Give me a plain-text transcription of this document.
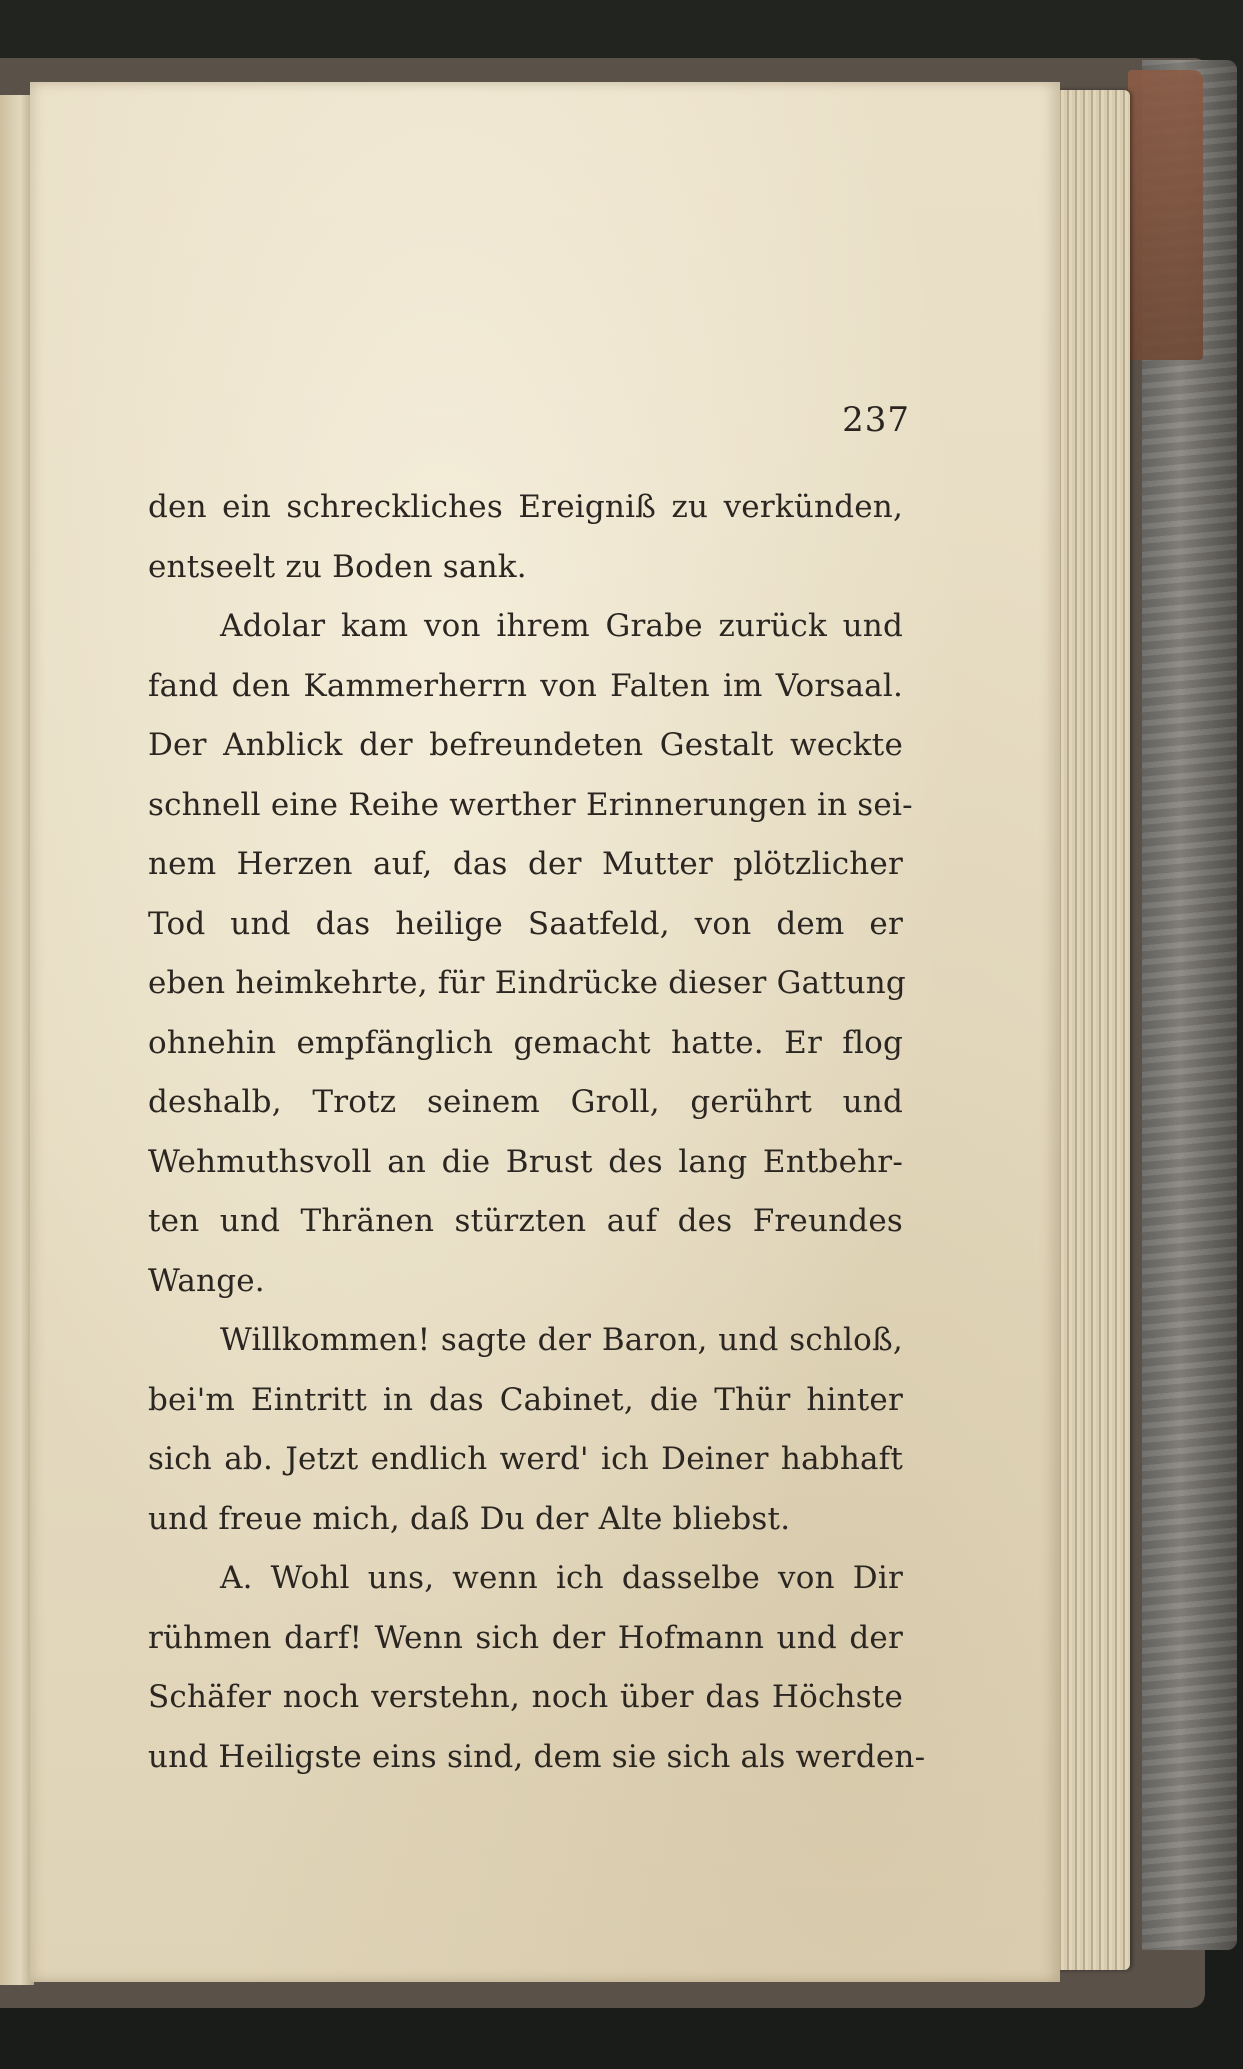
237
den ein schreckliches Ereigniß zu verkünden,
entseelt zu Boden sank.
Adolar kam von ihrem Grabe zurück und
fand den Kammerherrn von Falten im Vorsaal.
Der Anblick der befreundeten Gestalt weckte
schnell eine Reihe werther Erinnerungen in sei-
nem Herzen auf, das der Mutter plötzlicher
Tod und das heilige Saatfeld, von dem er
eben heimkehrte, für Eindrücke dieser Gattung
ohnehin empfänglich gemacht hatte. Er flog
deshalb, Trotz seinem Groll, gerührt und
Wehmuthsvoll an die Brust des lang Entbehr-
ten und Thränen stürzten auf des Freundes
Wange.
Willkommen! sagte der Baron, und schloß,
bei'm Eintritt in das Cabinet, die Thür hinter
sich ab. Jetzt endlich werd' ich Deiner habhaft
und freue mich, daß Du der Alte bliebst.
A. Wohl uns, wenn ich dasselbe von Dir
rühmen darf! Wenn sich der Hofmann und der
Schäfer noch verstehn, noch über das Höchste
und Heiligste eins sind, dem sie sich als werden-
